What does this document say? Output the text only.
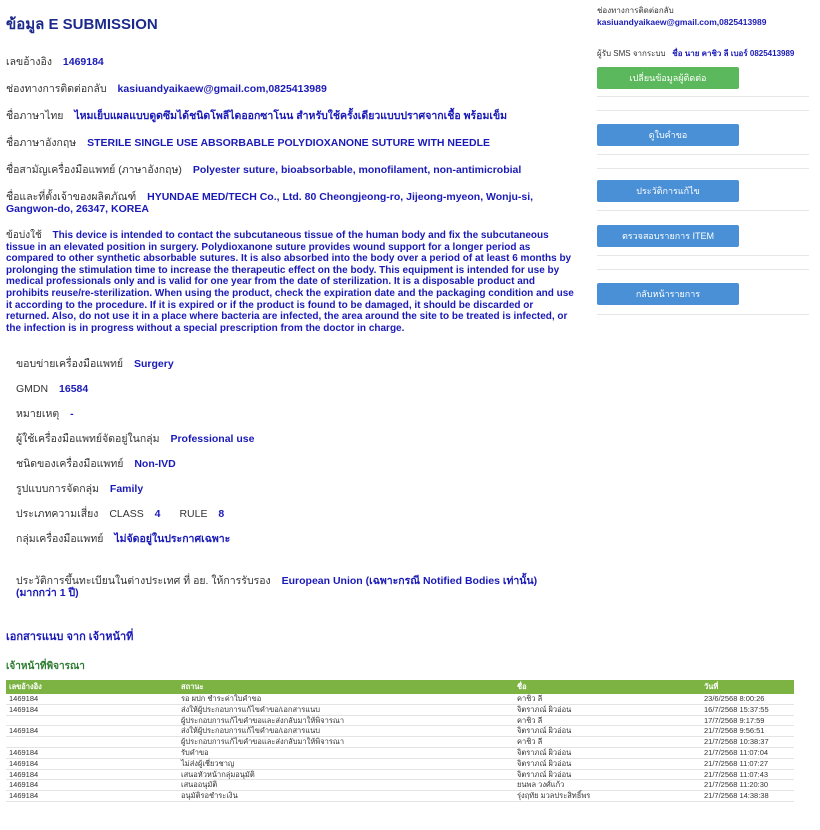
ข้อมูล E SUBMISSION
เลขอ้างอิง 1469184
ช่องทางการติดต่อกลับ kasiuandyaikaew@gmail.com,0825413989
ชื่อภาษาไทย ไหมเย็บแผลแบบดูดซึมได้ชนิดโพลีไดออกซาโนน สำหรับใช้ครั้งเดียวแบบปราศจากเชื้อ พร้อมเข็ม
ชื่อภาษาอังกฤษ STERILE SINGLE USE ABSORBABLE POLYDIOXANONE SUTURE WITH NEEDLE
ชื่อสามัญเครื่องมือแพทย์ (ภาษาอังกฤษ) Polyester suture, bioabsorbable, monofilament, non-antimicrobial
ชื่อและที่ตั้งเจ้าของผลิตภัณฑ์ HYUNDAE MED/TECH Co., Ltd. 80 Cheongjeong-ro, Jijeong-myeon, Wonju-si, Gangwon-do, 26347, KOREA
ข้อบ่งใช้ This device is intended to contact the subcutaneous tissue of the human body and fix the subcutaneous tissue in an elevated position in surgery. Polydioxanone suture provides wound support for a longer period as compared to other synthetic absorbable sutures. It is also absorbed into the body over a period of at least 6 months by prolonging the stimulation time to increase the therapeutic effect on the body. This equipment is intended for use by medical professionals only and is valid for one year from the date of sterilization. It is a disposable product and prohibits reuse/re-sterilization. When using the product, check the expiration date and the packaging condition and use it according to the procedure. If it is expired or if the product is found to be damaged, it should be discarded or returned. Also, do not use it in a place where bacteria are infected, the area around the site to be treated is infected, or the infection is in progress without a special prescription from the doctor in charge.
ขอบข่ายเครื่องมือแพทย์ Surgery
GMDN 16584
หมายเหตุ -
ผู้ใช้เครื่องมือแพทย์จัดอยู่ในกลุ่ม Professional use
ชนิดของเครื่องมือแพทย์ Non-IVD
รูปแบบการจัดกลุ่ม Family
ประเภทความเสี่ยง CLASS 4 RULE 8
กลุ่มเครื่องมือแพทย์ ไม่จัดอยู่ในประกาศเฉพาะ
ประวัติการขึ้นทะเบียนในต่างประเทศ ที่ อย. ให้การรับรอง European Union (เฉพาะกรณี Notified Bodies เท่านั้น) (มากกว่า 1 ปี)
เอกสารแนบ จาก เจ้าหน้าที่
เจ้าหน้าที่พิจารณา
เลขอ้างอิง	สถานะ	ชื่อ	วันที่
1469184	รอ ผปก ชำระค่าใบคำขอ	คาชิว ลี	23/6/2568 8:00:26
1469184	ส่งให้ผู้ประกอบการแก้ไขคำขอ/เอกสารแนบ	จิตราภณ์ ผิวอ่อน	16/7/2568 15:37:55
	ผู้ประกอบการแก้ไขคำขอและส่งกลับมาให้พิจารณา	คาชิว ลี	17/7/2568 9:17:59
1469184	ส่งให้ผู้ประกอบการแก้ไขคำขอ/เอกสารแนบ	จิตราภณ์ ผิวอ่อน	21/7/2568 9:56:51
	ผู้ประกอบการแก้ไขคำขอและส่งกลับมาให้พิจารณา	คาชิว ลี	21/7/2568 10:38:37
1469184	รับคำขอ	จิตราภณ์ ผิวอ่อน	21/7/2568 11:07:04
1469184	ไม่ส่งผู้เชี่ยวชาญ	จิตราภณ์ ผิวอ่อน	21/7/2568 11:07:27
1469184	เสนอหัวหน้ากลุ่มอนุมัติ	จิตราภณ์ ผิวอ่อน	21/7/2568 11:07:43
1469184	เสนออนุมัติ	ยนพล วงศ์แก้ว	21/7/2568 11:20:30
1469184	อนุมัติรอชำระเงิน	รุ่งฤทัย มวลประสิทธิ์พร	21/7/2568 14:38:38
ช่องทางการติดต่อกลับ
kasiuandyaikaew@gmail.com,0825413989
ผู้รับ SMS จากระบบ ชื่อ นาย คาชิว ลี เบอร์ 0825413989
เปลี่ยนข้อมูลผู้ติดต่อ
ดูใบคำขอ
ประวัติการแก้ไข
ตรวจสอบรายการ ITEM
กลับหน้ารายการ
